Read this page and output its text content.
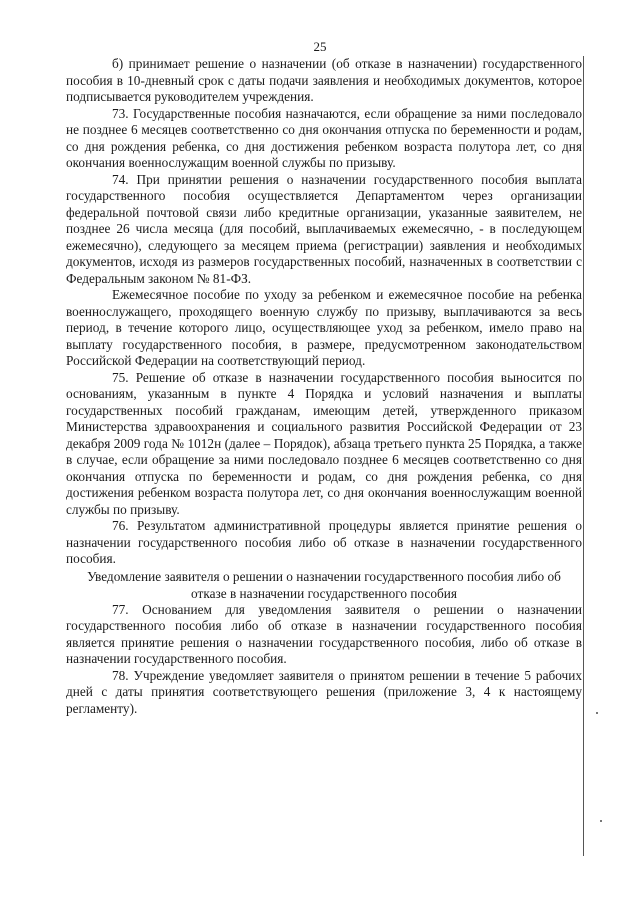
25

б) принимает решение о назначении (об отказе в назначении) государственного пособия в 10-дневный срок с даты подачи заявления и необходимых документов, которое подписывается руководителем учреждения.

73. Государственные пособия назначаются, если обращение за ними последовало не позднее 6 месяцев соответственно со дня окончания отпуска по беременности и родам, со дня рождения ребенка, со дня достижения ребенком возраста полутора лет, со дня окончания военнослужащим военной службы по призыву.

74. При принятии решения о назначении государственного пособия выплата государственного пособия осуществляется Департаментом через организации федеральной почтовой связи либо кредитные организации, указанные заявителем, не позднее 26 числа месяца (для пособий, выплачиваемых ежемесячно, - в последующем ежемесячно), следующего за месяцем приема (регистрации) заявления и необходимых документов, исходя из размеров государственных пособий, назначенных в соответствии с Федеральным законом № 81-ФЗ.

Ежемесячное пособие по уходу за ребенком и ежемесячное пособие на ребенка военнослужащего, проходящего военную службу по призыву, выплачиваются за весь период, в течение которого лицо, осуществляющее уход за ребенком, имело право на выплату государственного пособия, в размере, предусмотренном законодательством Российской Федерации на соответствующий период.

75. Решение об отказе в назначении государственного пособия выносится по основаниям, указанным в пункте 4 Порядка и условий назначения и выплаты государственных пособий гражданам, имеющим детей, утвержденного приказом Министерства здравоохранения и социального развития Российской Федерации от 23 декабря 2009 года № 1012н (далее – Порядок), абзаца третьего пункта 25 Порядка, а также в случае, если обращение за ними последовало позднее 6 месяцев соответственно со дня окончания отпуска по беременности и родам, со дня рождения ребенка, со дня достижения ребенком возраста полутора лет, со дня окончания военнослужащим военной службы по призыву.

76. Результатом административной процедуры является принятие решения о назначении государственного пособия либо об отказе в назначении государственного пособия.

Уведомление заявителя о решении о назначении государственного пособия либо об отказе в назначении государственного пособия

77. Основанием для уведомления заявителя о решении о назначении государственного пособия либо об отказе в назначении государственного пособия является принятие решения о назначении государственного пособия, либо об отказе в назначении государственного пособия.

78. Учреждение уведомляет заявителя о принятом решении в течение 5 рабочих дней с даты принятия соответствующего решения (приложение 3, 4 к настоящему регламенту).
